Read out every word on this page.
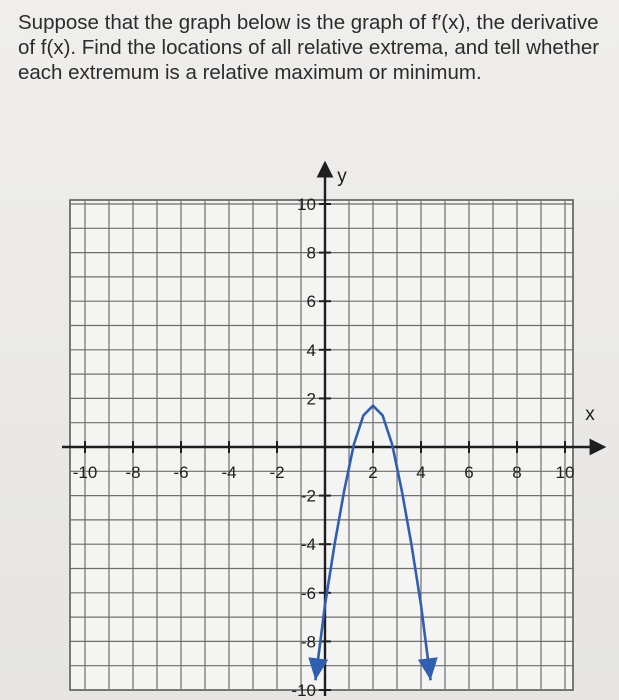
Suppose that the graph below is the graph of f′(x), the derivative of f(x). Find the locations of all relative extrema, and tell whether each extremum is a relative maximum or minimum.

-10 -8 -6 -4 -2	2 4 6 8 10
10
8
6
4
2
-2
-4
-6
-8
-10
x
y
